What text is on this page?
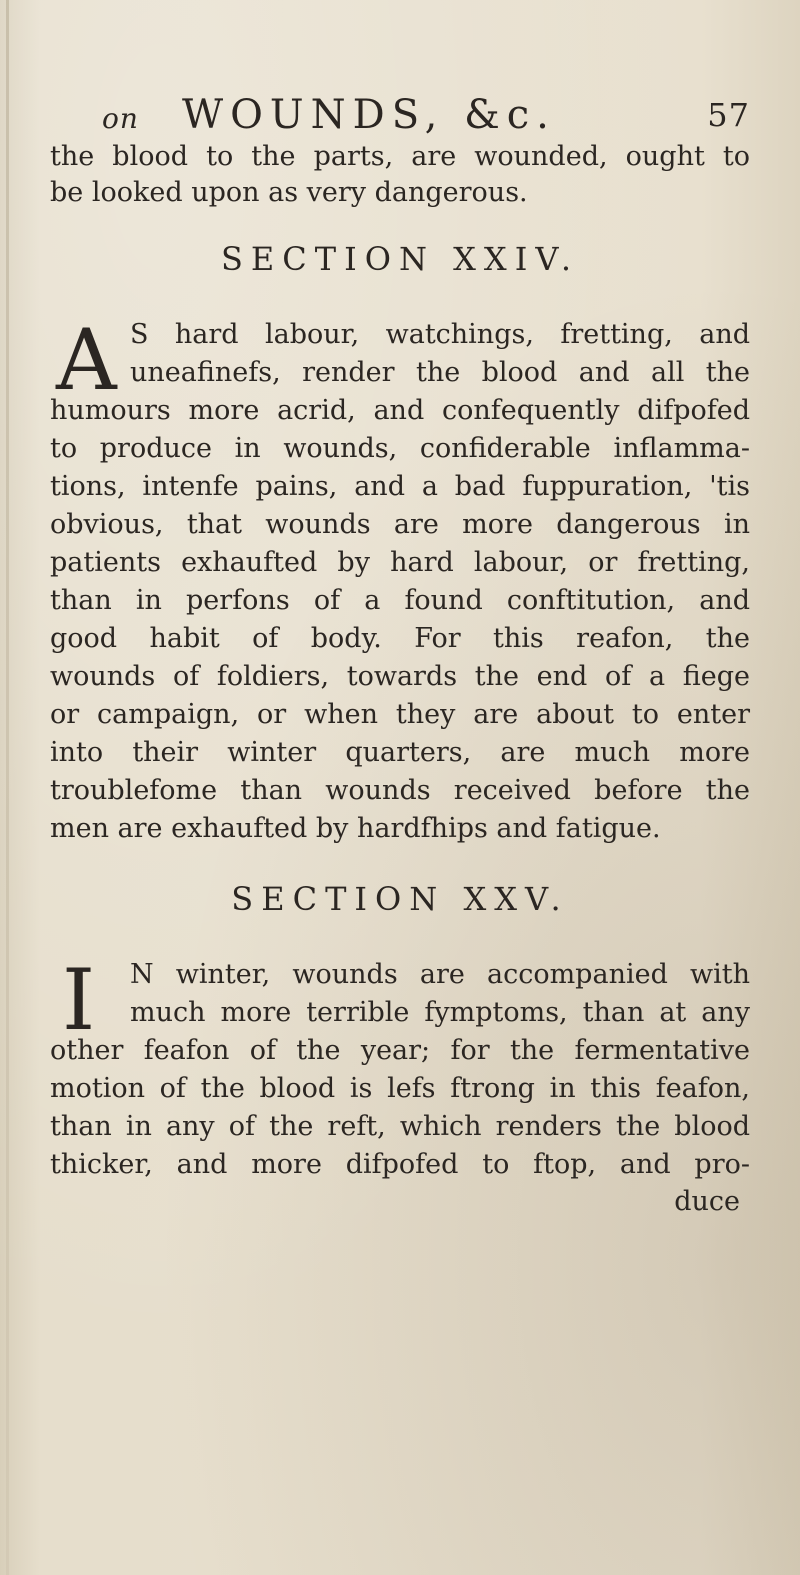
on WOUNDS, &c.	57
the blood to the parts, are wounded, ought to
be looked upon as very dangerous.
SECTION XXIV.
A S hard labour, watchings, fretting, and
uneafinefs, render the blood and all the
humours more acrid, and confequently difpofed
to produce in wounds, confiderable inflamma-
tions, intenfe pains, and a bad fuppuration, 'tis
obvious, that wounds are more dangerous in
patients exhaufted by hard labour, or fretting,
than in perfons of a found conftitution, and
good habit of body. For this reafon, the
wounds of foldiers, towards the end of a fiege
or campaign, or when they are about to enter
into their winter quarters, are much more
troublefome than wounds received before the
men are exhaufted by hardfhips and fatigue.
SECTION XXV.
I N winter, wounds are accompanied with
much more terrible fymptoms, than at any
other feafon of the year; for the fermentative
motion of the blood is lefs ftrong in this feafon,
than in any of the reft, which renders the blood
thicker, and more difpofed to ftop, and pro-
duce
